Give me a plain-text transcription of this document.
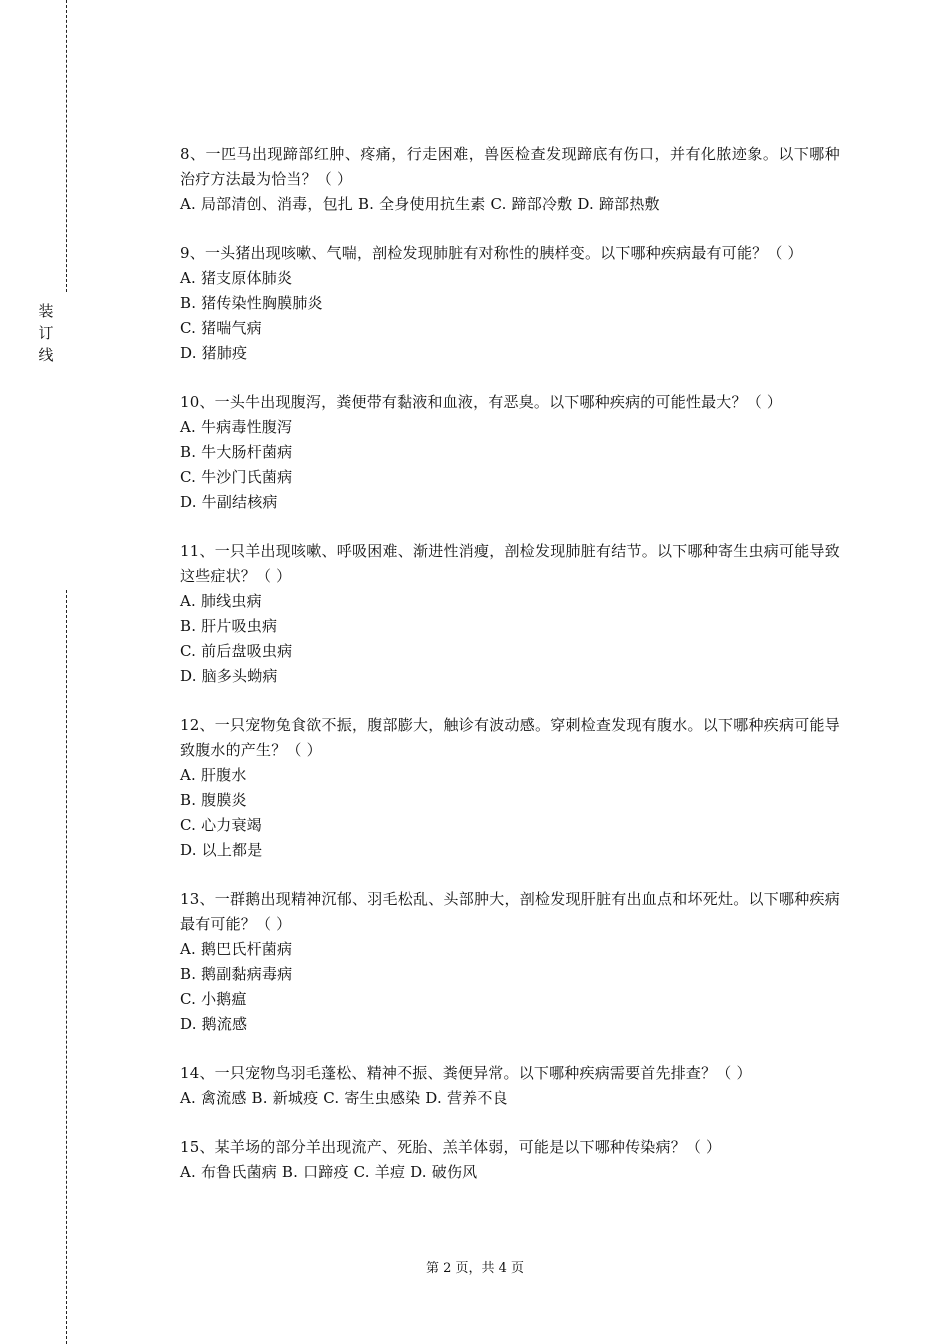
装
订
线
8、一匹马出现蹄部红肿、疼痛，行走困难，兽医检查发现蹄底有伤口，并有化脓迹象。以下哪种治疗方法最为恰当？（ ）
A. 局部清创、消毒，包扎 B. 全身使用抗生素 C. 蹄部冷敷 D. 蹄部热敷
9、一头猪出现咳嗽、气喘，剖检发现肺脏有对称性的胰样变。以下哪种疾病最有可能？（ ）
A. 猪支原体肺炎
B. 猪传染性胸膜肺炎
C. 猪喘气病
D. 猪肺疫
10、一头牛出现腹泻，粪便带有黏液和血液，有恶臭。以下哪种疾病的可能性最大？（ ）
A. 牛病毒性腹泻
B. 牛大肠杆菌病
C. 牛沙门氏菌病
D. 牛副结核病
11、一只羊出现咳嗽、呼吸困难、渐进性消瘦，剖检发现肺脏有结节。以下哪种寄生虫病可能导致这些症状？（ ）
A. 肺线虫病
B. 肝片吸虫病
C. 前后盘吸虫病
D. 脑多头蚴病
12、一只宠物兔食欲不振，腹部膨大，触诊有波动感。穿刺检查发现有腹水。以下哪种疾病可能导致腹水的产生？（ ）
A. 肝腹水
B. 腹膜炎
C. 心力衰竭
D. 以上都是
13、一群鹅出现精神沉郁、羽毛松乱、头部肿大，剖检发现肝脏有出血点和坏死灶。以下哪种疾病最有可能？（ ）
A. 鹅巴氏杆菌病
B. 鹅副黏病毒病
C. 小鹅瘟
D. 鹅流感
14、一只宠物鸟羽毛蓬松、精神不振、粪便异常。以下哪种疾病需要首先排查？（ ）
A. 禽流感 B. 新城疫 C. 寄生虫感染 D. 营养不良
15、某羊场的部分羊出现流产、死胎、羔羊体弱，可能是以下哪种传染病？（ ）
A. 布鲁氏菌病 B. 口蹄疫 C. 羊痘 D. 破伤风
第 2 页，共 4 页
